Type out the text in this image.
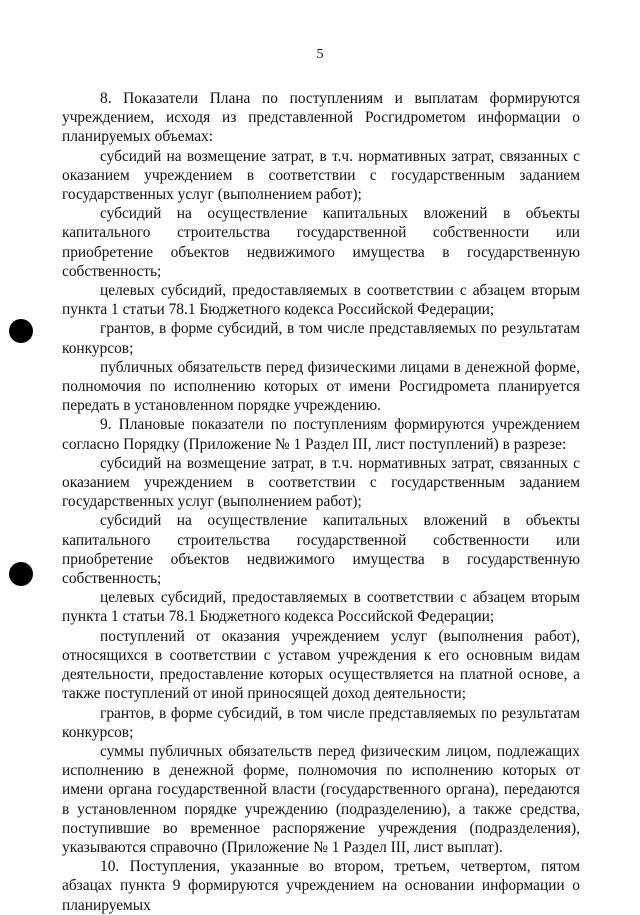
5

8. Показатели Плана по поступлениям и выплатам формируются учреждением, исходя из представленной Росгидрометом информации о планируемых объемах:

субсидий на возмещение затрат, в т.ч. нормативных затрат, связанных с оказанием учреждением в соответствии с государственным заданием государственных услуг (выполнением работ);

субсидий на осуществление капитальных вложений в объекты капитального строительства государственной собственности или приобретение объектов недвижимого имущества в государственную собственность;

целевых субсидий, предоставляемых в соответствии с абзацем вторым пункта 1 статьи 78.1 Бюджетного кодекса Российской Федерации;

грантов, в форме субсидий, в том числе представляемых по результатам конкурсов;

публичных обязательств перед физическими лицами в денежной форме, полномочия по исполнению которых от имени Росгидромета планируется передать в установленном порядке учреждению.

9. Плановые показатели по поступлениям формируются учреждением согласно Порядку (Приложение № 1 Раздел III, лист поступлений) в разрезе:

субсидий на возмещение затрат, в т.ч. нормативных затрат, связанных с оказанием учреждением в соответствии с государственным заданием государственных услуг (выполнением работ);

субсидий на осуществление капитальных вложений в объекты капитального строительства государственной собственности или приобретение объектов недвижимого имущества в государственную собственность;

целевых субсидий, предоставляемых в соответствии с абзацем вторым пункта 1 статьи 78.1 Бюджетного кодекса Российской Федерации;

поступлений от оказания учреждением услуг (выполнения работ), относящихся в соответствии с уставом учреждения к его основным видам деятельности, предоставление которых осуществляется на платной основе, а также поступлений от иной приносящей доход деятельности;

грантов, в форме субсидий, в том числе представляемых по результатам конкурсов;

суммы публичных обязательств перед физическим лицом, подлежащих исполнению в денежной форме, полномочия по исполнению которых от имени органа государственной власти (государственного органа), передаются в установленном порядке учреждению (подразделению), а также средства, поступившие во временное распоряжение учреждения (подразделения), указываются справочно (Приложение № 1 Раздел III, лист выплат).

10. Поступления, указанные во втором, третьем, четвертом, пятом абзацах пункта 9 формируются учреждением на основании информации о планируемых
